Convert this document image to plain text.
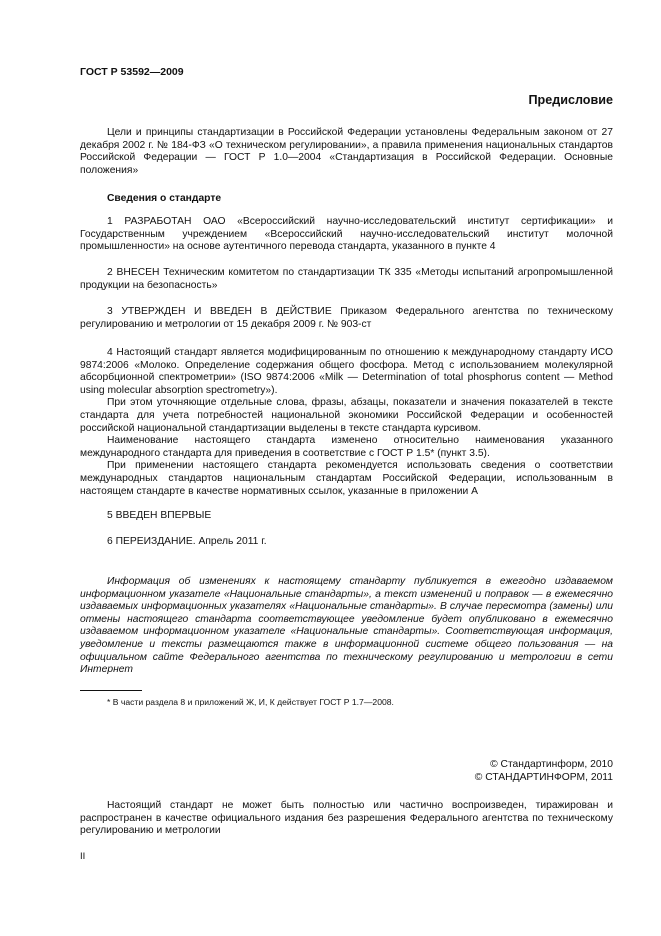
ГОСТ Р 53592—2009
Предисловие

Цели и принципы стандартизации в Российской Федерации установлены Федеральным законом от 27 декабря 2002 г. № 184-ФЗ «О техническом регулировании», а правила применения национальных стандартов Российской Федерации — ГОСТ Р 1.0—2004 «Стандартизация в Российской Федерации. Основные положения»

Сведения о стандарте

1 РАЗРАБОТАН ОАО «Всероссийский научно-исследовательский институт сертификации» и Государственным учреждением «Всероссийский научно-исследовательский институт молочной промышленности» на основе аутентичного перевода стандарта, указанного в пункте 4

2 ВНЕСЕН Техническим комитетом по стандартизации ТК 335 «Методы испытаний агропромышленной продукции на безопасность»

3 УТВЕРЖДЕН И ВВЕДЕН В ДЕЙСТВИЕ Приказом Федерального агентства по техническому регулированию и метрологии от 15 декабря 2009 г. № 903-ст

4 Настоящий стандарт является модифицированным по отношению к международному стандарту ИСО 9874:2006 «Молоко. Определение содержания общего фосфора. Метод с использованием молекулярной абсорбционной спектрометрии» (ISO 9874:2006 «Milk — Determination of total phosphorus content — Method using molecular absorption spectrometry»).

При этом уточняющие отдельные слова, фразы, абзацы, показатели и значения показателей в тексте стандарта для учета потребностей национальной экономики Российской Федерации и особенностей российской национальной стандартизации выделены в тексте стандарта курсивом.

Наименование настоящего стандарта изменено относительно наименования указанного международного стандарта для приведения в соответствие с ГОСТ Р 1.5* (пункт 3.5).

При применении настоящего стандарта рекомендуется использовать сведения о соответствии международных стандартов национальным стандартам Российской Федерации, использованным в настоящем стандарте в качестве нормативных ссылок, указанные в приложении А

5 ВВЕДЕН ВПЕРВЫЕ

6 ПЕРЕИЗДАНИЕ. Апрель 2011 г.

Информация об изменениях к настоящему стандарту публикуется в ежегодно издаваемом информационном указателе «Национальные стандарты», а текст изменений и поправок — в ежемесячно издаваемых информационных указателях «Национальные стандарты». В случае пересмотра (замены) или отмены настоящего стандарта соответствующее уведомление будет опубликовано в ежемесячно издаваемом информационном указателе «Национальные стандарты». Соответствующая информация, уведомление и тексты размещаются также в информационной системе общего пользования — на официальном сайте Федерального агентства по техническому регулированию и метрологии в сети Интернет

* В части раздела 8 и приложений Ж, И, К действует ГОСТ Р 1.7—2008.
© Стандартинформ, 2010
© СТАНДАРТИНФОРМ, 2011

Настоящий стандарт не может быть полностью или частично воспроизведен, тиражирован и распространен в качестве официального издания без разрешения Федерального агентства по техническому регулированию и метрологии

II
